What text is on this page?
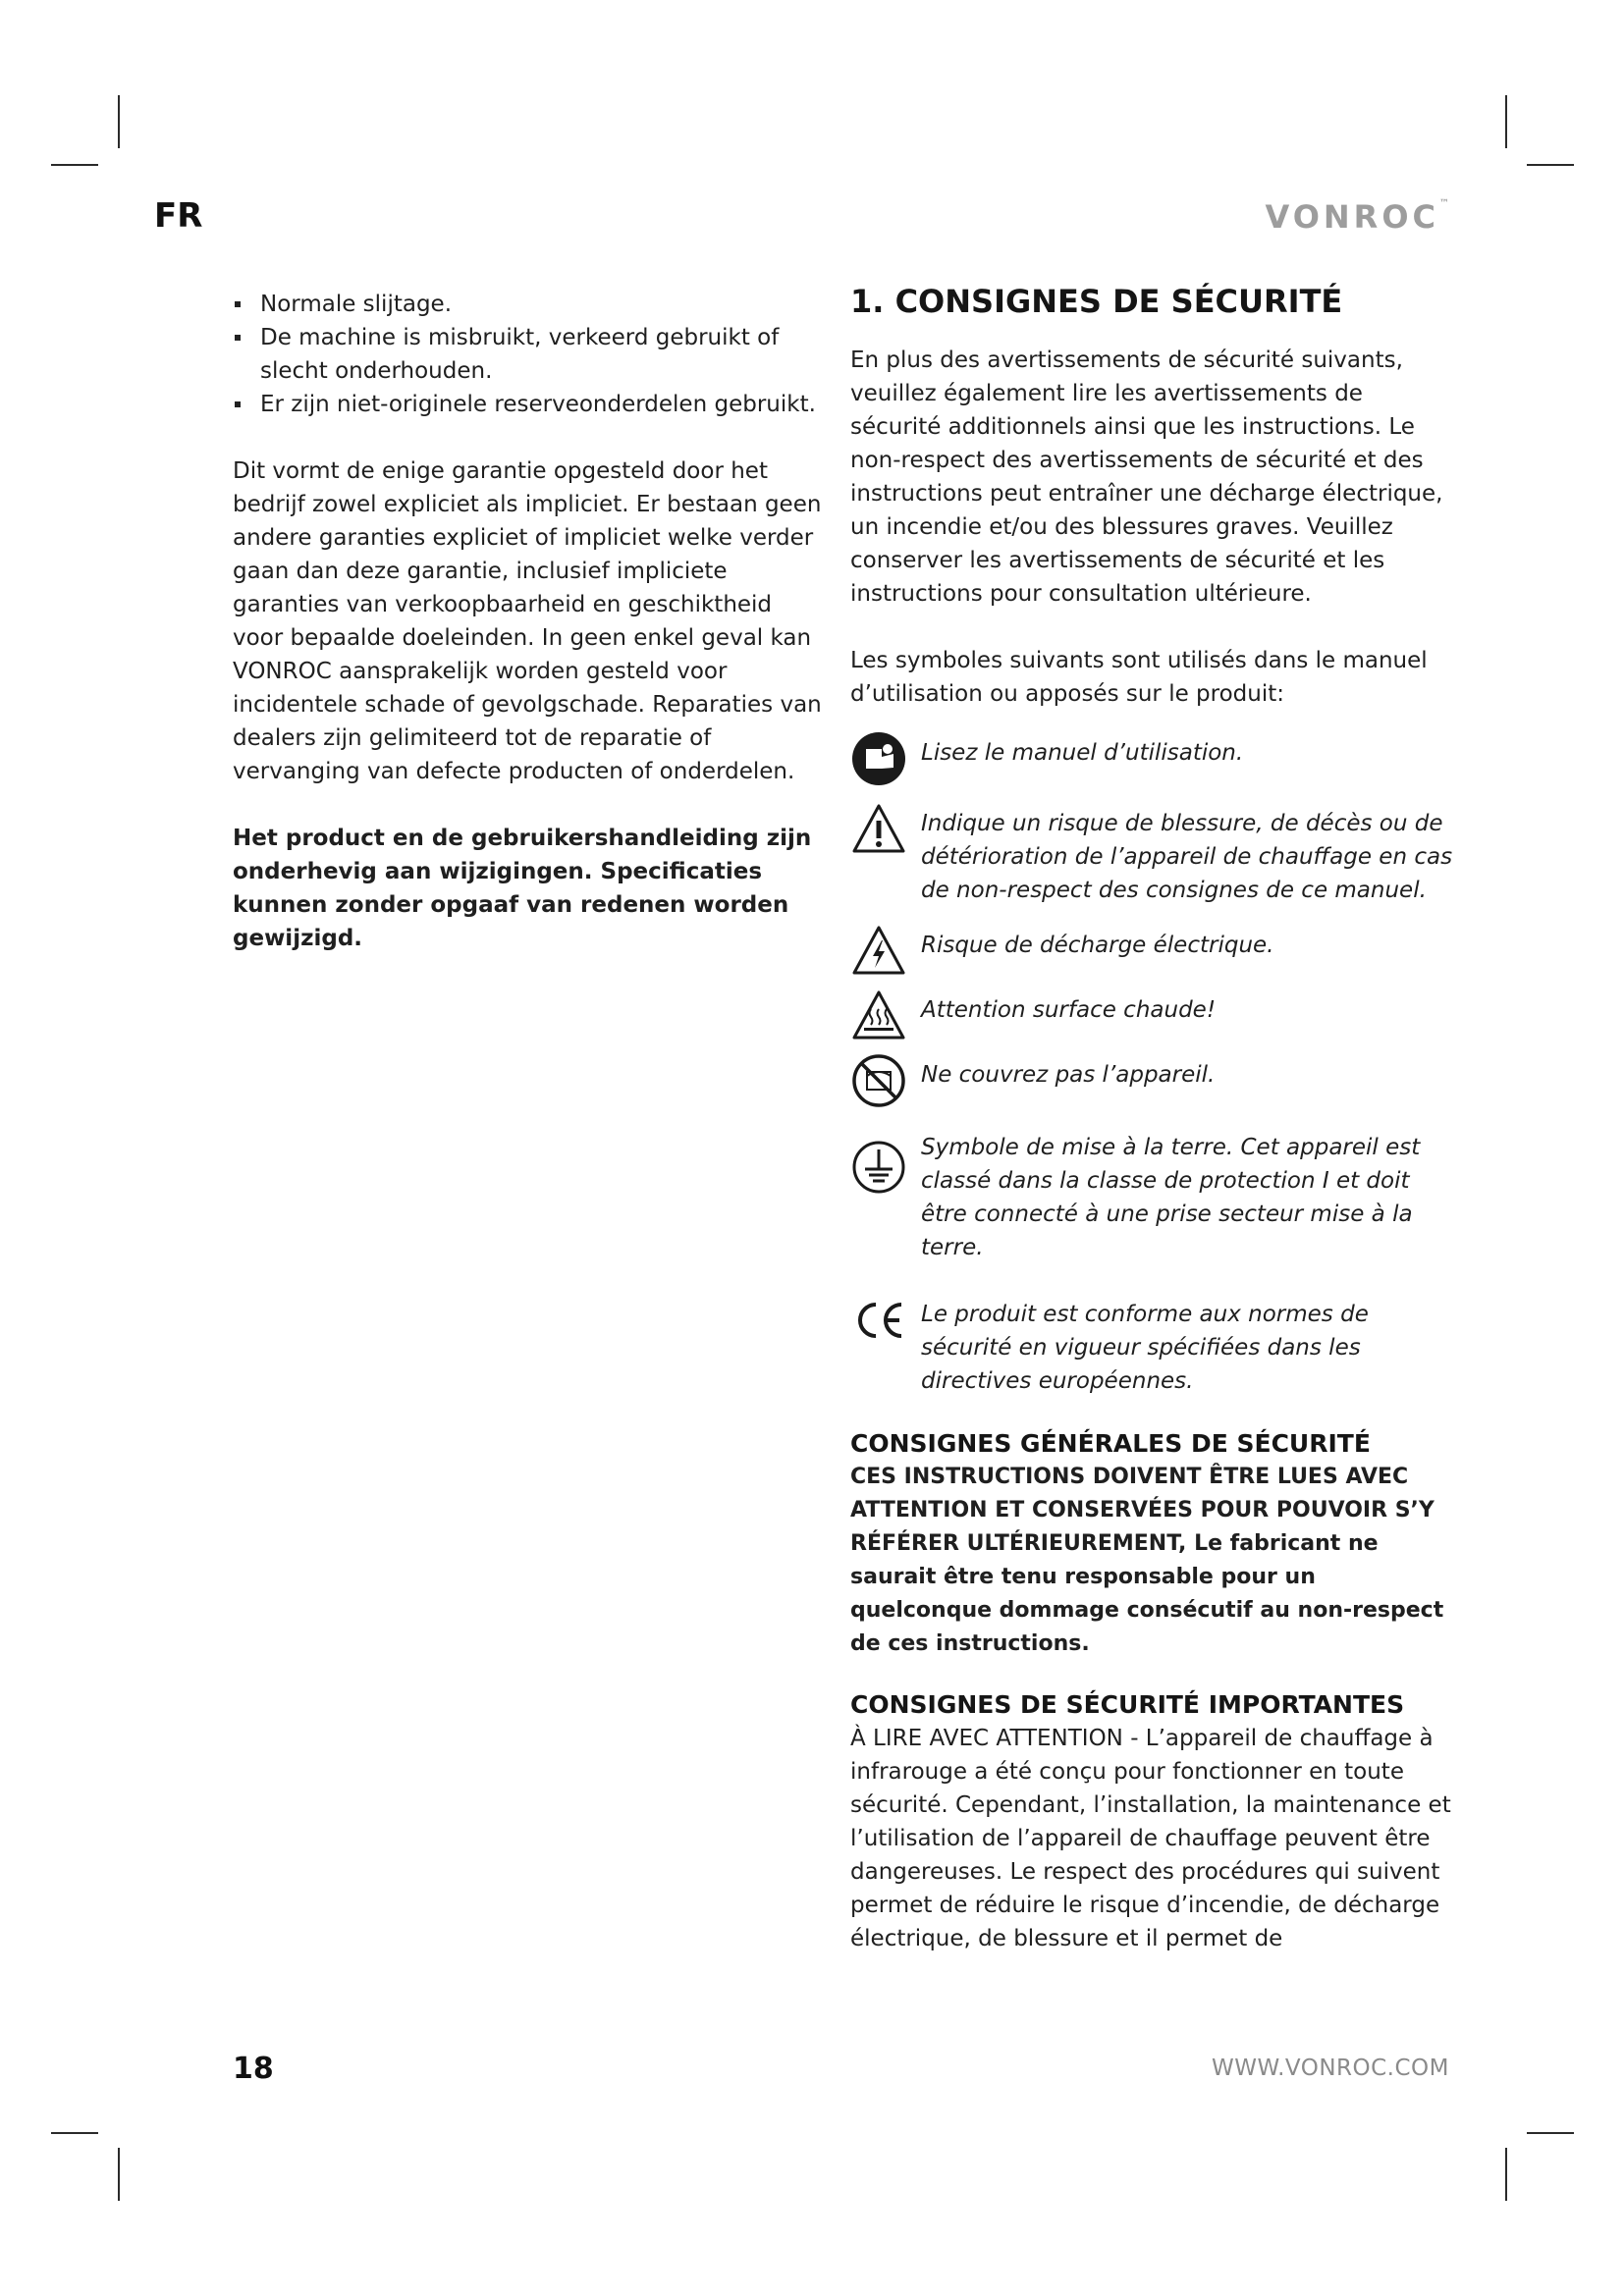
FR	VONROC™
Normale slijtage.
De machine is misbruikt, verkeerd gebruikt of slecht onderhouden.
Er zijn niet-originele reserveonderdelen gebruikt.

Dit vormt de enige garantie opgesteld door het bedrijf zowel expliciet als impliciet. Er bestaan geen andere garanties expliciet of impliciet welke verder gaan dan deze garantie, inclusief impliciete garanties van verkoopbaarheid en geschiktheid voor bepaalde doeleinden. In geen enkel geval kan VONROC aansprakelijk worden gesteld voor incidentele schade of gevolgschade. Reparaties van dealers zijn gelimiteerd tot de reparatie of vervanging van defecte producten of onderdelen.

Het product en de gebruikershandleiding zijn onderhevig aan wijzigingen. Specificaties kunnen zonder opgaaf van redenen worden gewijzigd.

1. CONSIGNES DE SÉCURITÉ

En plus des avertissements de sécurité suivants, veuillez également lire les avertissements de sécurité additionnels ainsi que les instructions. Le non-respect des avertissements de sécurité et des instructions peut entraîner une décharge électrique, un incendie et/ou des blessures graves. Veuillez conserver les avertissements de sécurité et les instructions pour consultation ultérieure.

Les symboles suivants sont utilisés dans le manuel d’utilisation ou apposés sur le produit:

Lisez le manuel d’utilisation.
Indique un risque de blessure, de décès ou de détérioration de l’appareil de chauffage en cas de non-respect des consignes de ce manuel.
Risque de décharge électrique.
Attention surface chaude!
Ne couvrez pas l’appareil.
Symbole de mise à la terre. Cet appareil est classé dans la classe de protection I et doit être connecté à une prise secteur mise à la terre.
Le produit est conforme aux normes de sécurité en vigueur spécifiées dans les directives européennes.
CONSIGNES GÉNÉRALES DE SÉCURITÉ

CES INSTRUCTIONS DOIVENT ÊTRE LUES AVEC ATTENTION ET CONSERVÉES POUR POUVOIR S’Y RÉFÉRER ULTÉRIEUREMENT, Le fabricant ne saurait être tenu responsable pour un quelconque dommage consécutif au non-respect de ces instructions.

CONSIGNES DE SÉCURITÉ IMPORTANTES

À LIRE AVEC ATTENTION - L’appareil de chauffage à infrarouge a été conçu pour fonctionner en toute sécurité. Cependant, l’installation, la maintenance et l’utilisation de l’appareil de chauffage peuvent être dangereuses. Le respect des procédures qui suivent permet de réduire le risque d’incendie, de décharge électrique, de blessure et il permet de

18	WWW.VONROC.COM
